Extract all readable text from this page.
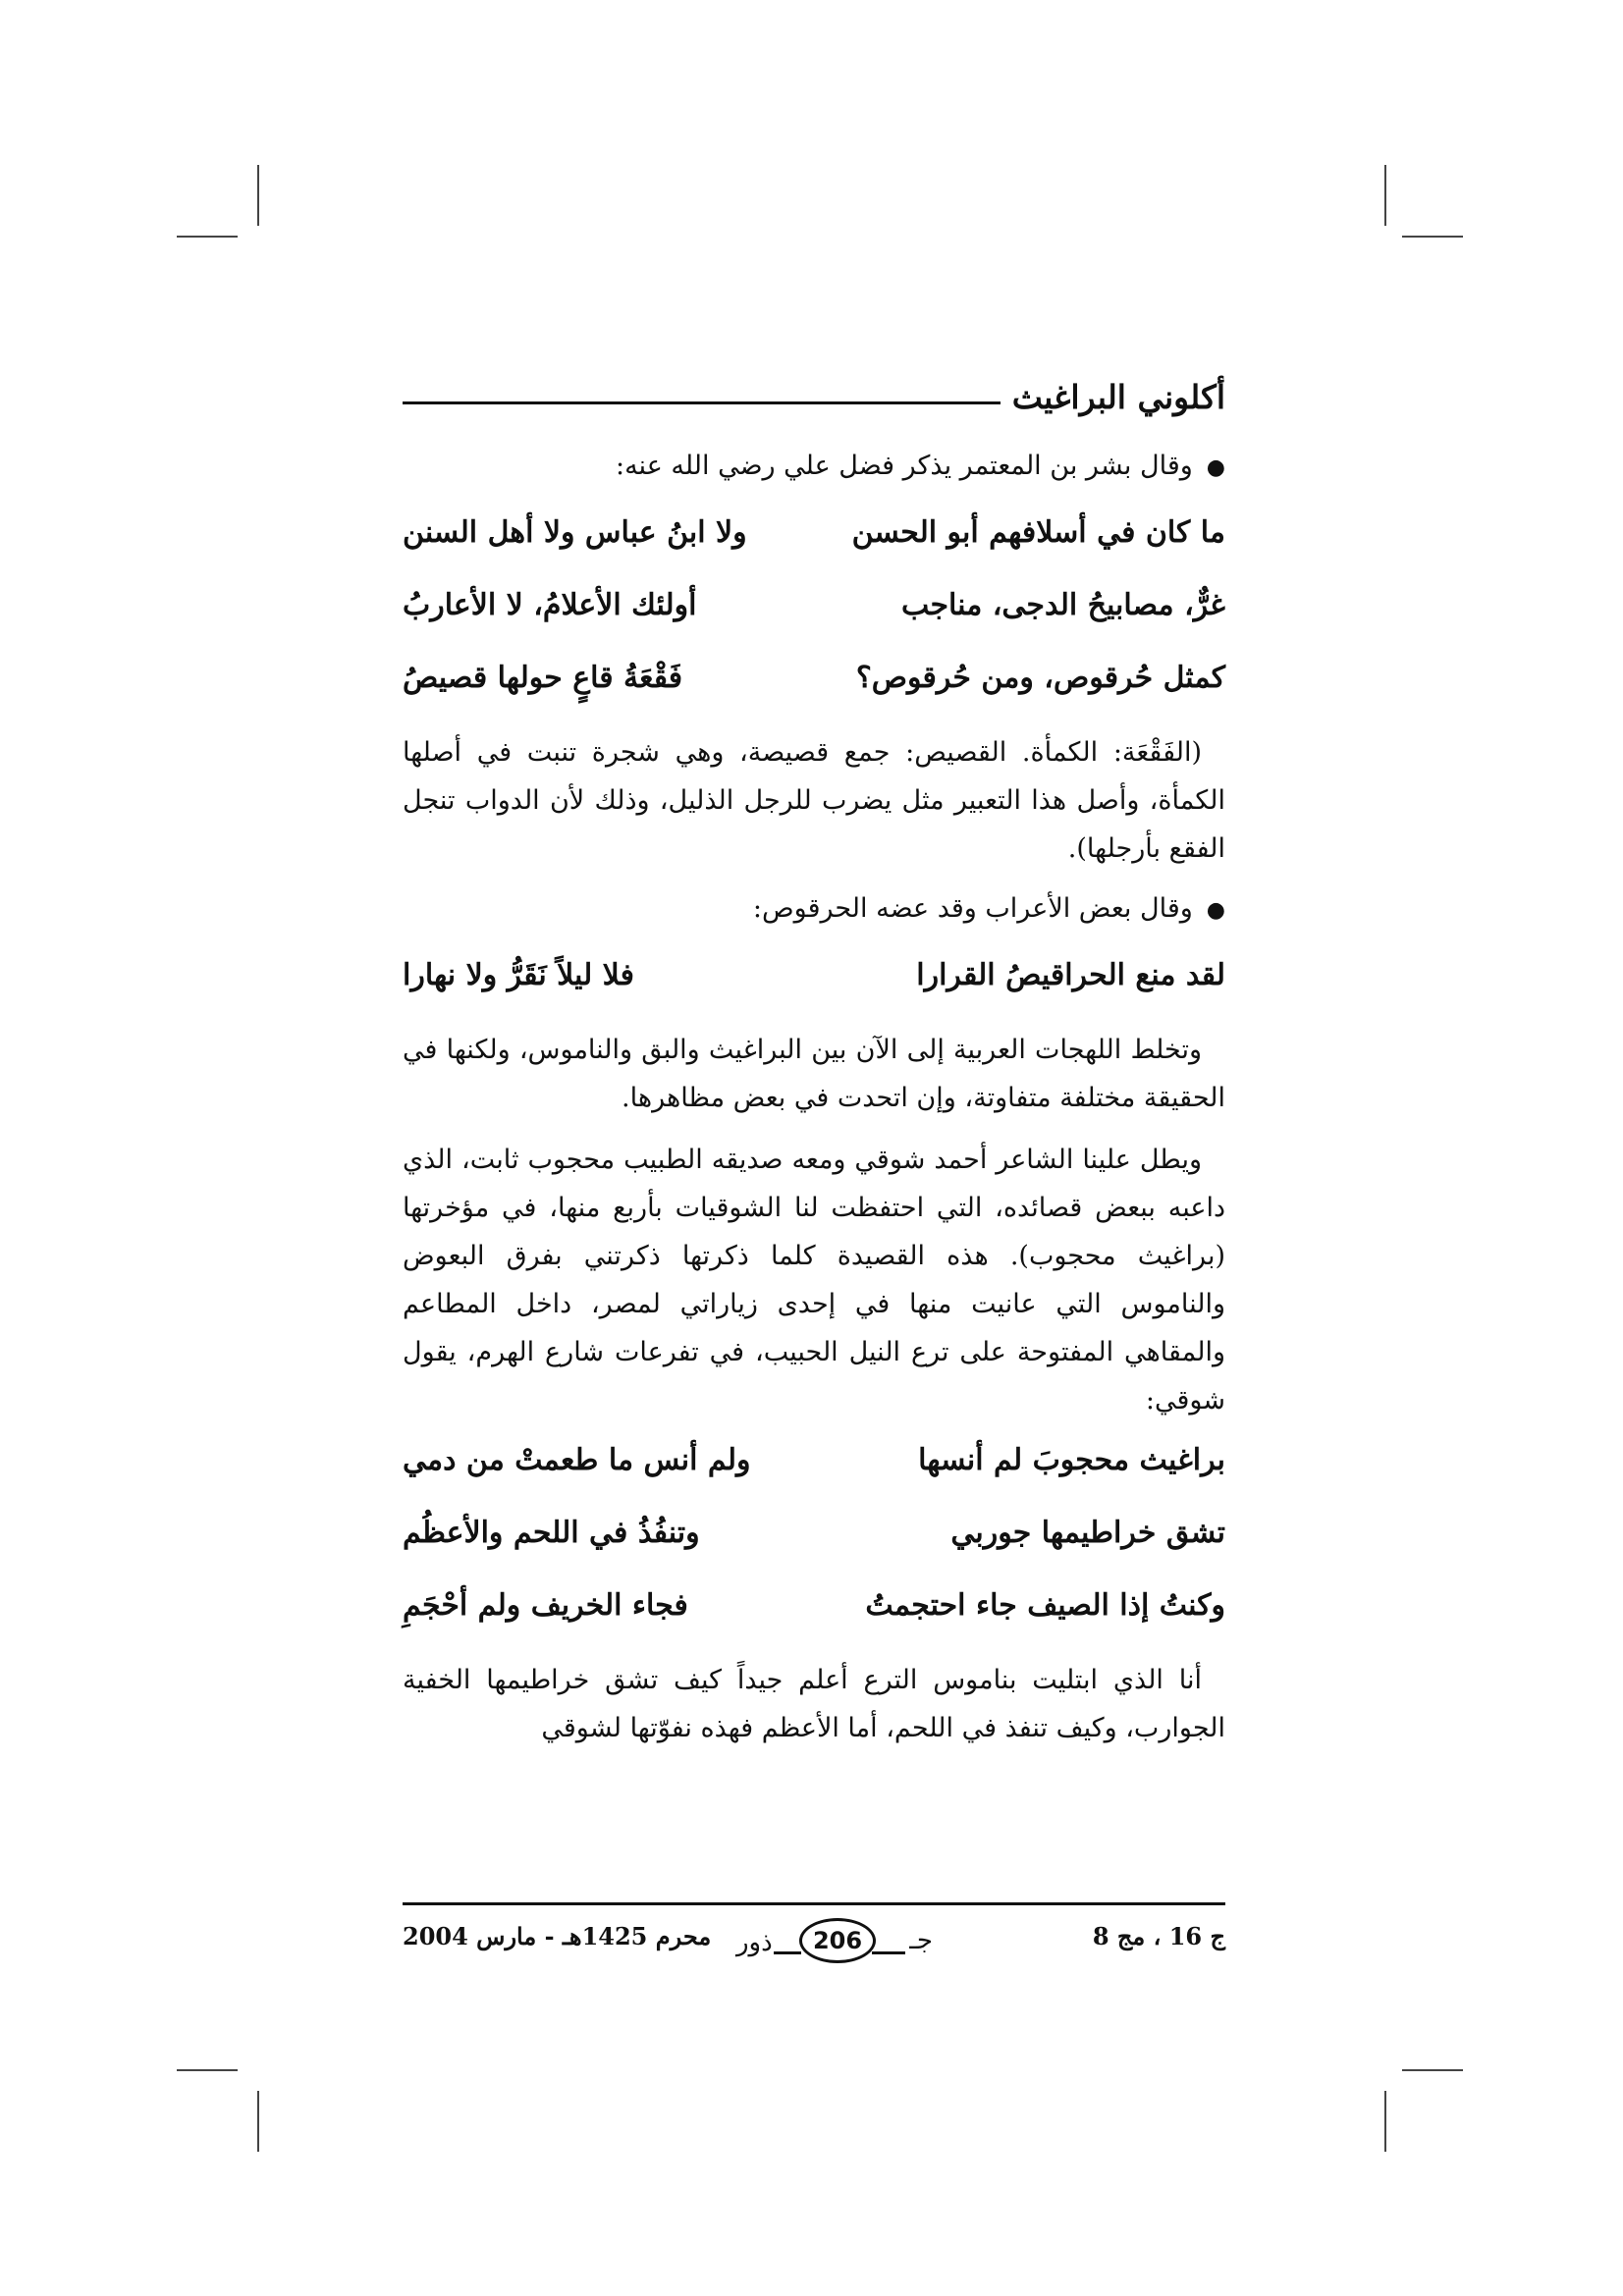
أكلوني البراغيث
● وقال بشر بن المعتمر يذكر فضل علي رضي الله عنه:
ما كان في أسلافهم أبو الحسن
ولا ابنُ عباس ولا أهل السنن
غرٌّ، مصابيحُ الدجى، مناجب
أولئك الأعلامُ، لا الأعاربُ
كمثل حُرقوص، ومن حُرقوص؟
فَقْعَةُ قاعٍ حولها قصيصُ

(الفَقْعَة: الكمأة. القصيص: جمع قصيصة، وهي شجرة تنبت في أصلها الكمأة، وأصل هذا التعبير مثل يضرب للرجل الذليل، وذلك لأن الدواب تنجل الفقع بأرجلها).

● وقال بعض الأعراب وقد عضه الحرقوص:
لقد منع الحراقيصُ القرارا
فلا ليلاً نَقَرُّ ولا نهارا

وتخلط اللهجات العربية إلى الآن بين البراغيث والبق والناموس، ولكنها في الحقيقة مختلفة متفاوتة، وإن اتحدت في بعض مظاهرها.

ويطل علينا الشاعر أحمد شوقي ومعه صديقه الطبيب محجوب ثابت، الذي داعبه ببعض قصائده، التي احتفظت لنا الشوقيات بأربع منها، في مؤخرتها (براغيث محجوب). هذه القصيدة كلما ذكرتها ذكرتني بفرق البعوض والناموس التي عانيت منها في إحدى زياراتي لمصر، داخل المطاعم والمقاهي المفتوحة على ترع النيل الحبيب، في تفرعات شارع الهرم، يقول شوقي:

براغيث محجوبَ لم أنسها
ولم أنس ما طعمتْ من دمي
تشق خراطيمها جوربي
وتنفُذُ في اللحم والأعظُم
وكنتُ إذا الصيف جاء احتجمتُ
فجاء الخريف ولم أحْجَمِ

أنا الذي ابتليت بناموس الترع أعلم جيداً كيف تشق خراطيمها الخفية الجوارب، وكيف تنفذ في اللحم، أما الأعظم فهذه نفوّتها لشوقي

ج 16 ، مج 8
ذور	206	جـ
محرم 1425هـ - مارس 2004
